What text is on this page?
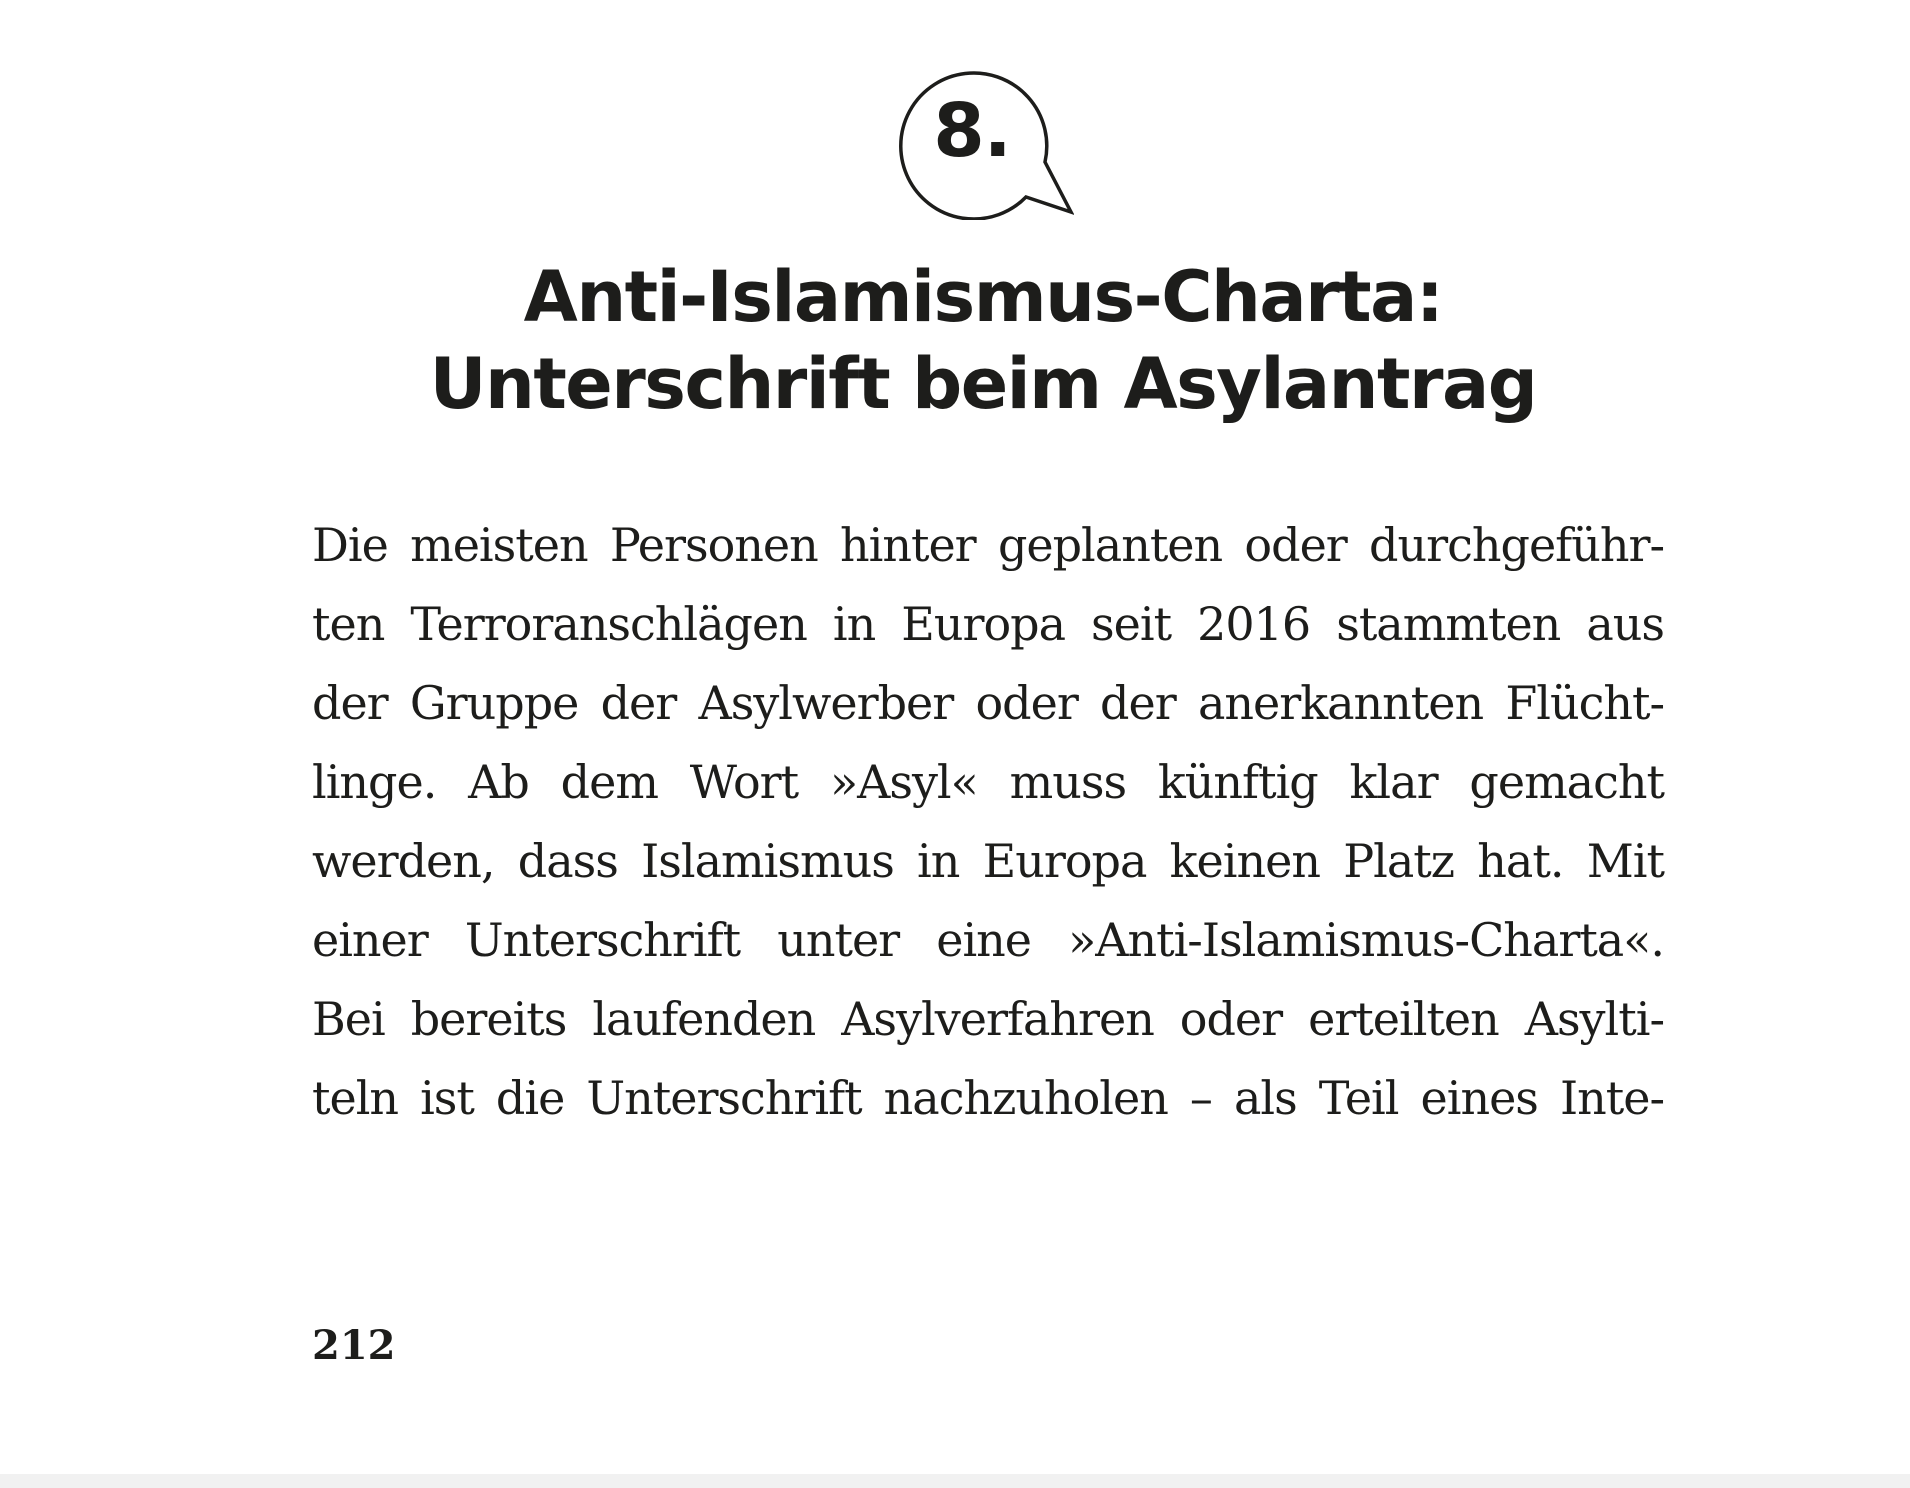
8.
Anti-Islamismus-Charta:
Unterschrift beim Asylantrag
Die meisten Personen hinter geplanten oder durchgeführ-
ten Terroranschlägen in Europa seit 2016 stammten aus
der Gruppe der Asylwerber oder der anerkannten Flücht-
linge. Ab dem Wort »Asyl« muss künftig klar gemacht
werden, dass Islamismus in Europa keinen Platz hat. Mit
einer Unterschrift unter eine »Anti-Islamismus-Charta«.
Bei bereits laufenden Asylverfahren oder erteilten Asylti-
teln ist die Unterschrift nachzuholen – als Teil eines Inte-
212
